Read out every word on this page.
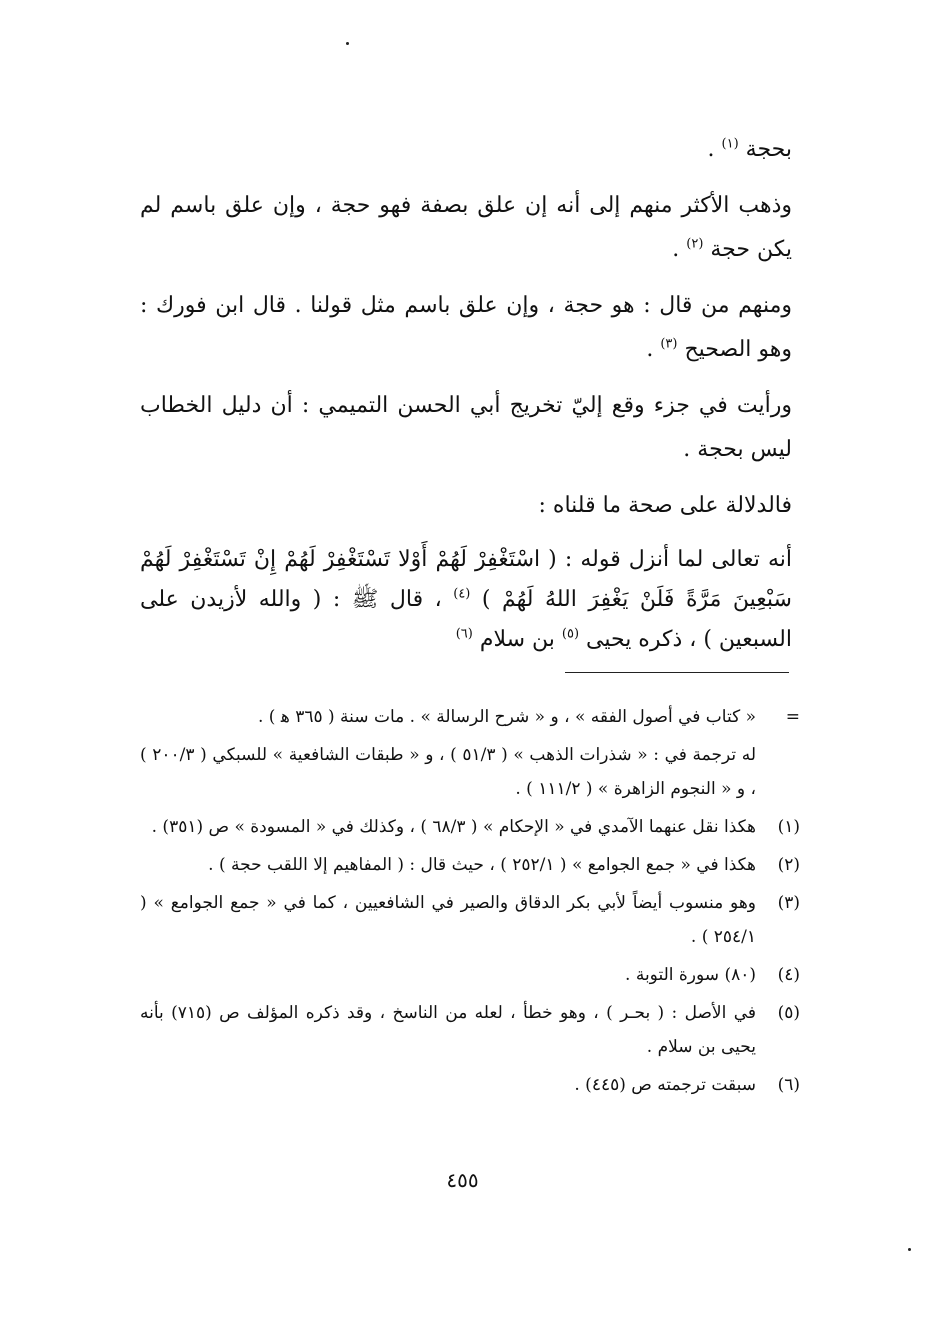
بحجة $^{(١)}$ .

وذهب الأكثر منهم إلى أنه إن علق بصفة فهو حجة ، وإن علق باسم لم يكن حجة $^{(٢)}$ .

ومنهم من قال : هو حجة ، وإن علق باسم مثل قولنا . قال ابن فورك : وهو الصحيح $^{(٣)}$ .

ورأيت في جزء وقع إليّ تخريج أبي الحسن التميمي : أن دليل الخطاب ليس بحجة .

فالدلالة على صحة ما قلناه :

أنه تعالى لما أنزل قوله : ( اسْتَغْفِرْ لَهُمْ أَوْلا تَسْتَغْفِرْ لَهُمْ إِنْ تَسْتَغْفِرْ لَهُمْ سَبْعِينَ مَرَّةً فَلَنْ يَغْفِرَ اللهُ لَهُمْ ) $^{(٤)}$ ، قال ﷺ : ( والله لأزيدن على السبعين ) ، ذكره يحيى $^{(٥)}$ بن سلام $^{(٦)}$

=
« كتاب في أصول الفقه » ، و « شرح الرسالة » . مات سنة ( ٣٦٥ ﻫ ) .
له ترجمة في : « شذرات الذهب » ( ٥١/٣ ) ، و « طبقات الشافعية » للسبكي ( ٢٠٠/٣ ) ، و « النجوم الزاهرة » ( ١١١/٢ ) .
(١)
هكذا نقل عنهما الآمدي في « الإحكام » ( ٦٨/٣ ) ، وكذلك في « المسودة » ص (٣٥١) .
(٢)
هكذا في « جمع الجوامع » ( ٢٥٢/١ ) ، حيث قال : ( المفاهيم إلا اللقب حجة ) .
(٣)
وهو منسوب أيضاً لأبي بكر الدقاق والصير في الشافعيين ، كما في « جمع الجوامع » ( ٢٥٤/١ ) .
(٤)
(٨٠) سورة التوبة .
(٥)
في الأصل : ( بحـر ) ، وهو خطأ ، لعله من الناسخ ، وقد ذكره المؤلف ص (٧١٥) بأنه يحيى بن سلام .
(٦)
سبقت ترجمته ص (٤٤٥) .
٤٥٥
